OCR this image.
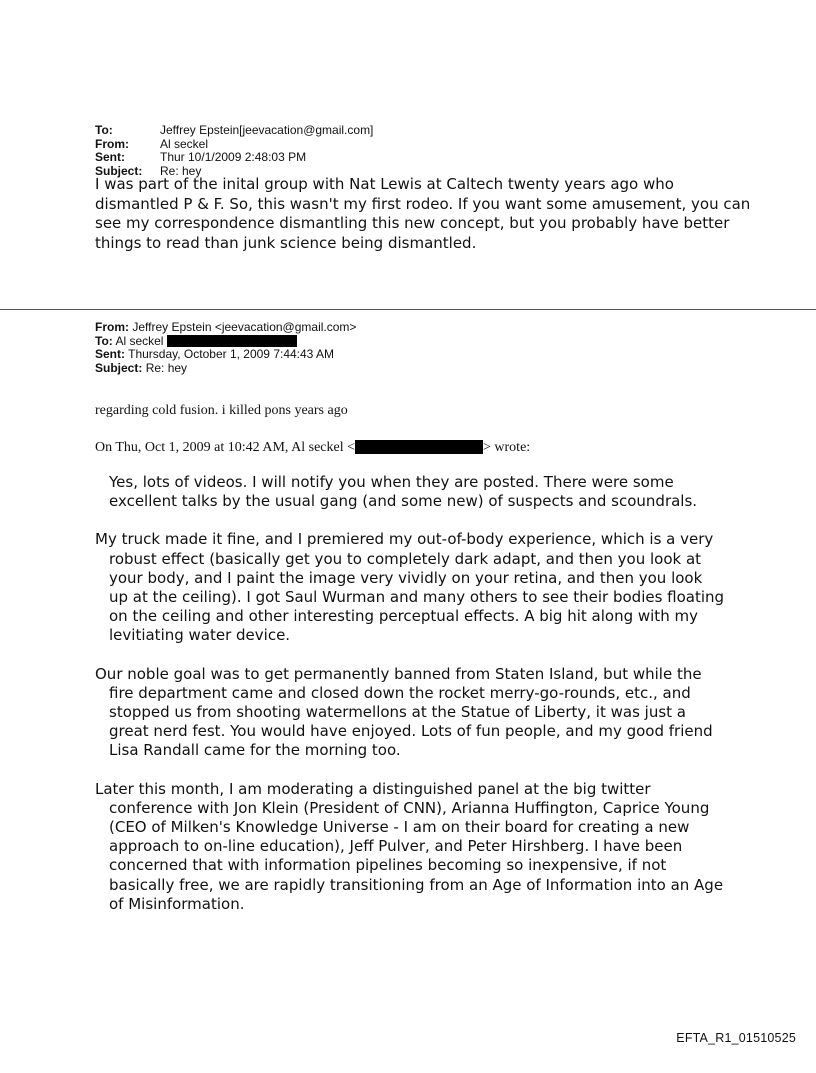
To:	Jeffrey Epstein[jeevacation@gmail.com]
From:	Al seckel
Sent:	Thur 10/1/2009 2:48:03 PM
Subject:	Re: hey

I was part of the inital group with Nat Lewis at Caltech twenty years ago who dismantled P & F. So, this wasn't my first rodeo. If you want some amusement, you can see my correspondence dismantling this new concept, but you probably have better things to read than junk science being dismantled.

From: Jeffrey Epstein <jeevacation@gmail.com>
To: Al seckel
Sent: Thursday, October 1, 2009 7:44:43 AM
Subject: Re: hey

regarding cold fusion. i killed pons years ago

On Thu, Oct 1, 2009 at 10:42 AM, Al seckel <	> wrote:

Yes, lots of videos. I will notify you when they are posted. There were some excellent talks by the usual gang (and some new) of suspects and scoundrals.

My truck made it fine, and I premiered my out-of-body experience, which is a very robust effect (basically get you to completely dark adapt, and then you look at your body, and I paint the image very vividly on your retina, and then you look up at the ceiling). I got Saul Wurman and many others to see their bodies floating on the ceiling and other interesting perceptual effects. A big hit along with my levitiating water device.

Our noble goal was to get permanently banned from Staten Island, but while the fire department came and closed down the rocket merry-go-rounds, etc., and stopped us from shooting watermellons at the Statue of Liberty, it was just a great nerd fest. You would have enjoyed. Lots of fun people, and my good friend Lisa Randall came for the morning too.

Later this month, I am moderating a distinguished panel at the big twitter conference with Jon Klein (President of CNN), Arianna Huffington, Caprice Young (CEO of Milken's Knowledge Universe - I am on their board for creating a new approach to on-line education), Jeff Pulver, and Peter Hirshberg. I have been concerned that with information pipelines becoming so inexpensive, if not basically free, we are rapidly transitioning from an Age of Information into an Age of Misinformation.

EFTA_R1_01510525
